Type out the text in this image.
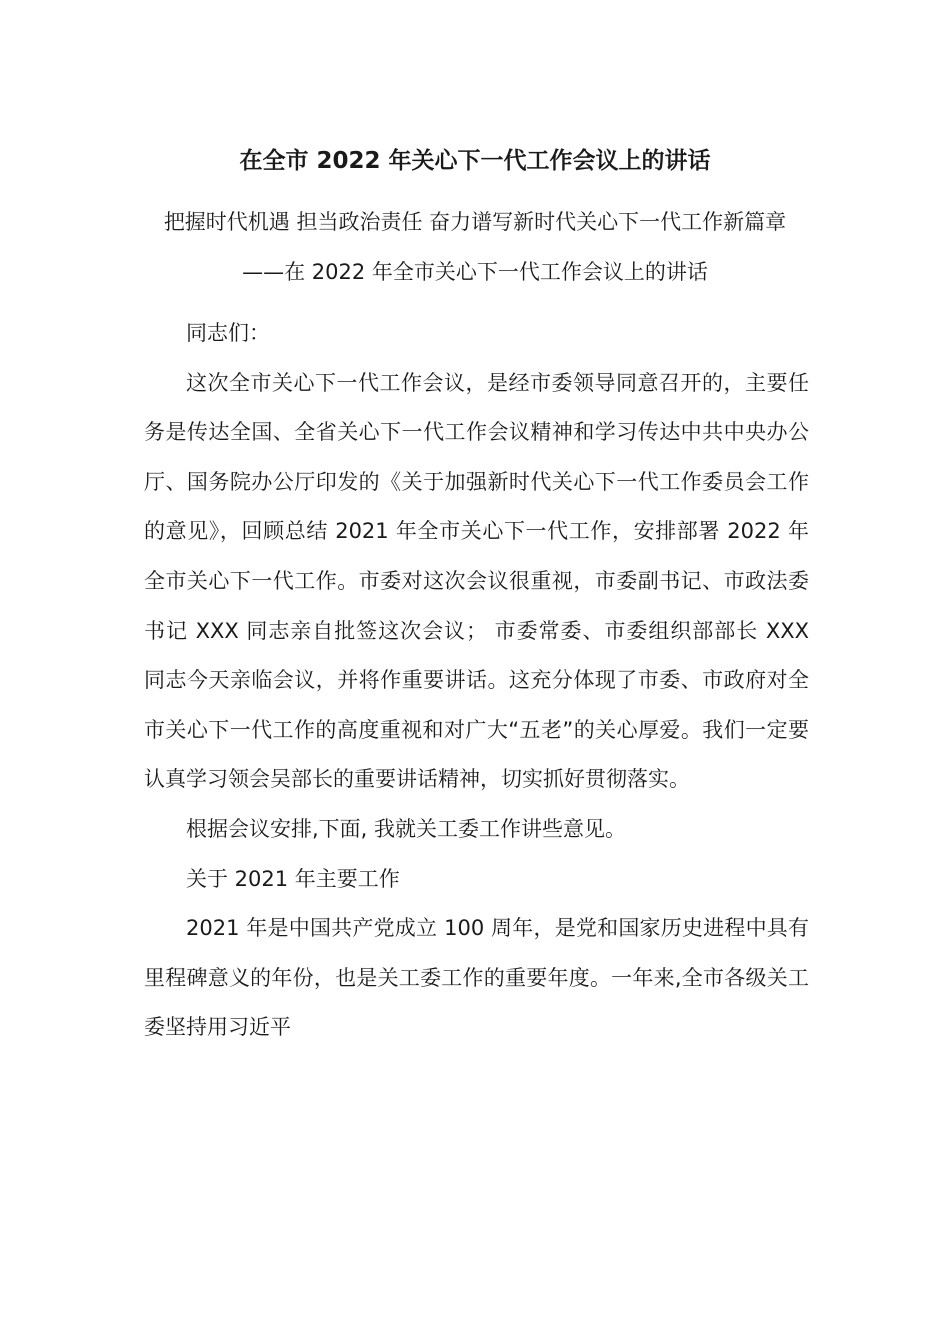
在全市 2022 年关心下一代工作会议上的讲话
把握时代机遇 担当政治责任 奋力谱写新时代关心下一代工作新篇章
——在 2022 年全市关心下一代工作会议上的讲话

同志们：

这次全市关心下一代工作会议，是经市委领导同意召开的，主要任务是传达全国、全省关心下一代工作会议精神和学习传达中共中央办公厅、国务院办公厅印发的《关于加强新时代关心下一代工作委员会工作的意见》，回顾总结 2021 年全市关心下一代工作，安排部署 2022 年全市关心下一代工作。市委对这次会议很重视，市委副书记、市政法委书记 XXX 同志亲自批签这次会议； 市委常委、市委组织部部长 XXX 同志今天亲临会议，并将作重要讲话。这充分体现了市委、市政府对全市关心下一代工作的高度重视和对广大“五老”的关心厚爱。我们一定要认真学习领会吴部长的重要讲话精神，切实抓好贯彻落实。

根据会议安排,下面, 我就关工委工作讲些意见。

关于 2021 年主要工作

2021 年是中国共产党成立 100 周年，是党和国家历史进程中具有里程碑意义的年份，也是关工委工作的重要年度。一年来,全市各级关工委坚持用习近平
